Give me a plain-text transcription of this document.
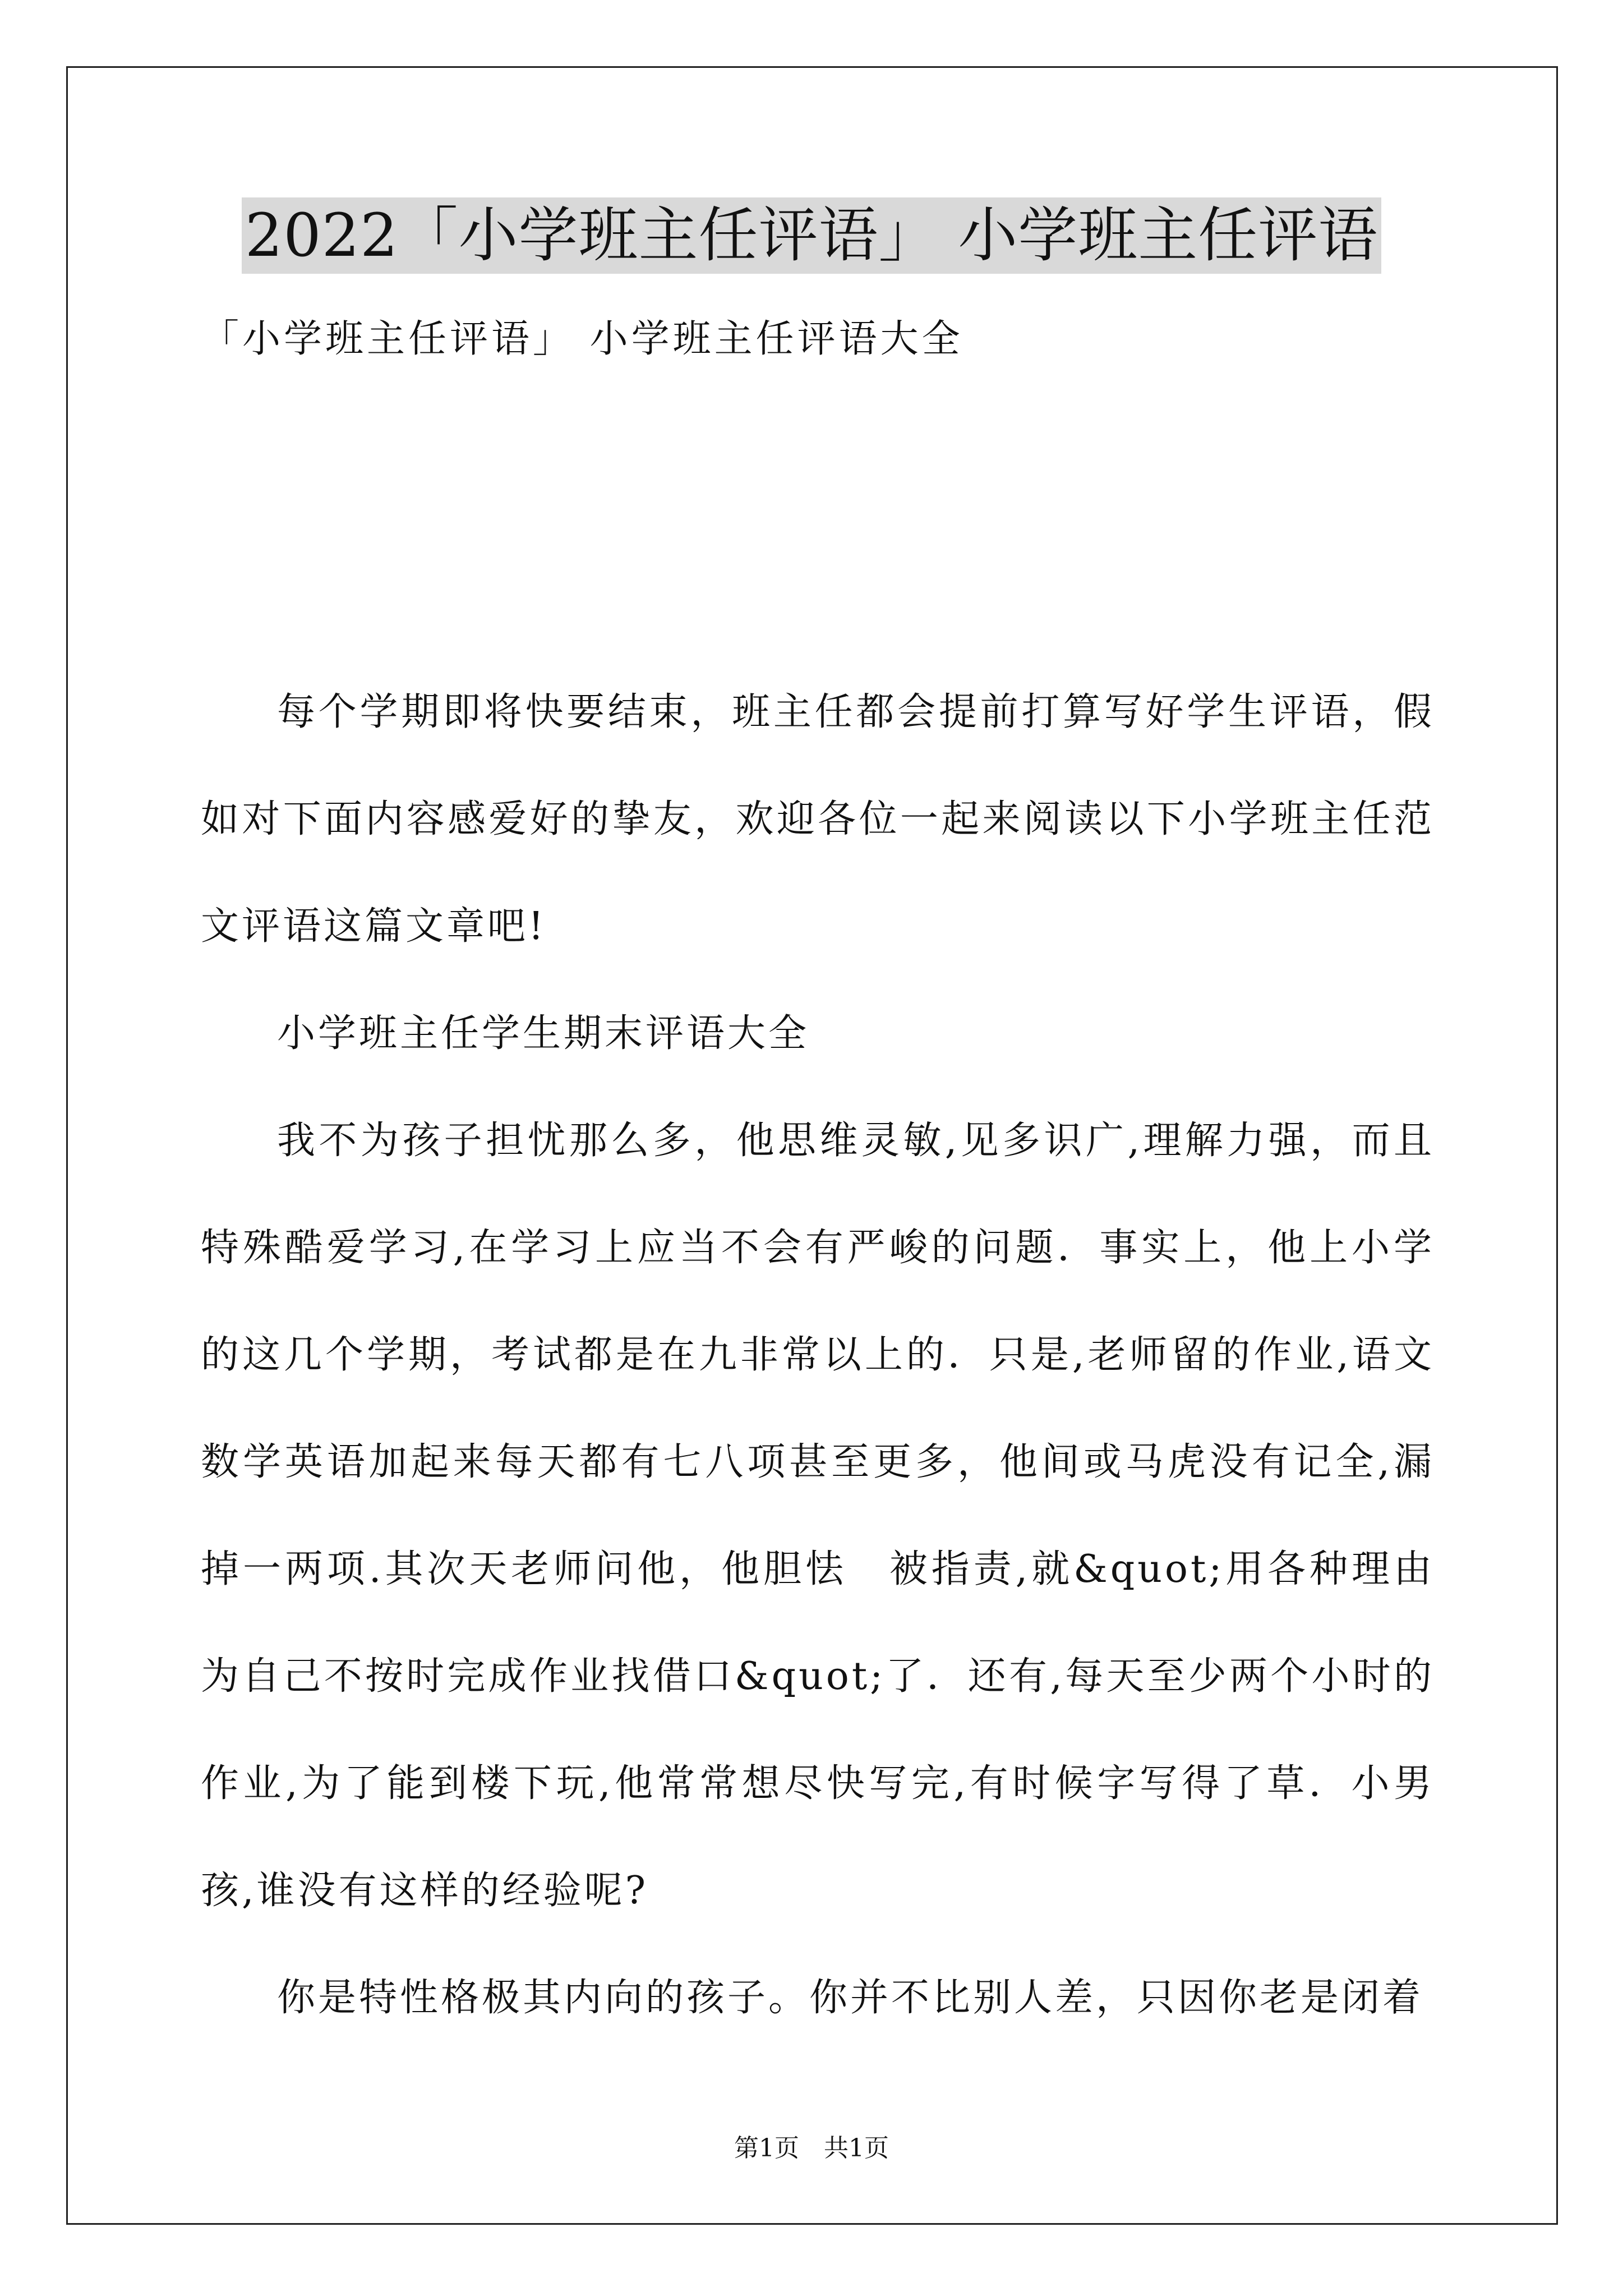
2022「小学班主任评语」 小学班主任评语
「小学班主任评语」 小学班主任评语大全

每个学期即将快要结束，班主任都会提前打算写好学生评语，假如对下面内容感爱好的挚友，欢迎各位一起来阅读以下小学班主任范文评语这篇文章吧!

小学班主任学生期末评语大全

我不为孩子担忧那么多，他思维灵敏,见多识广,理解力强，而且特殊酷爱学习,在学习上应当不会有严峻的问题．事实上，他上小学的这几个学期，考试都是在九非常以上的．只是,老师留的作业,语文数学英语加起来每天都有七八项甚至更多，他间或马虎没有记全,漏掉一两项.其次天老师问他，他胆怯　被指责,就&quot;用各种理由为自己不按时完成作业找借口&quot;了．还有,每天至少两个小时的作业,为了能到楼下玩,他常常想尽快写完,有时候字写得了草．小男孩,谁没有这样的经验呢?

你是特性格极其内向的孩子。你并不比别人差，只因你老是闭着

第1页　共1页
